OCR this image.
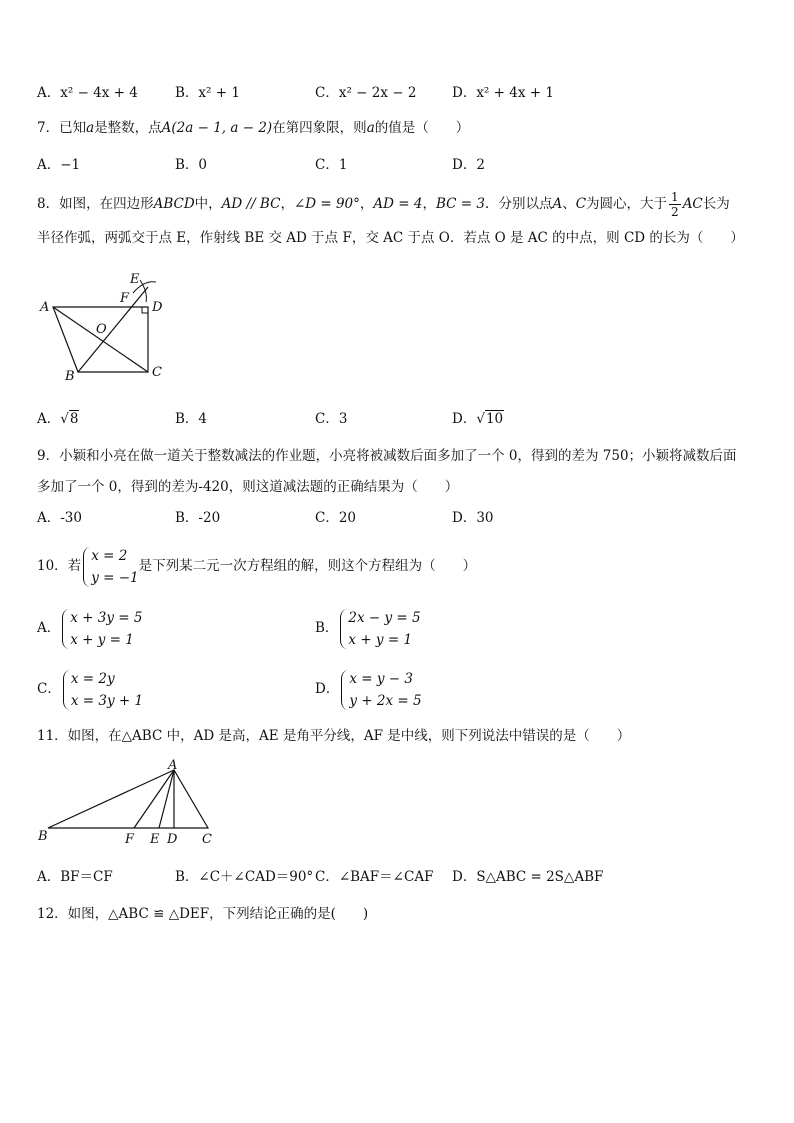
A．x² − 4x + 4	B．x² + 1	C．x² − 2x − 2	D．x² + 4x + 1
7．已知a是整数，点A(2a − 1, a − 2)在第四象限，则a的值是（　　）
A．−1	B．0	C．1	D．2
8．如图，在四边形ABCD中，AD // BC，∠D = 90°，AD = 4，BC = 3．分别以点A、C为圆心，大于 $\frac{1}{2}$ AC长为
半径作弧，两弧交于点 E，作射线 BE 交 AD 于点 F，交 AC 于点 O．若点 O 是 AC 的中点，则 CD 的长为（　　）
E
F
A	D
O
B	C
A．√8	B．4	C．3	D．√10
9．小颖和小亮在做一道关于整数减法的作业题，小亮将被减数后面多加了一个 0，得到的差为 750；小颖将减数后面
多加了一个 0，得到的差为-420，则这道减法题的正确结果为（　　）
A．-30	B．-20	C．20	D．30
10．若
x = 2
y = −1
是下列某二元一次方程组的解，则这个方程组为（　　）
A．
x + 3y = 5
x + y = 1
B．
2x − y = 5
x + y = 1
C．
x = 2y
x = 3y + 1
D．
x = y − 3
y + 2x = 5
11．如图，在△ABC 中，AD 是高，AE 是角平分线，AF 是中线，则下列说法中错误的是（　　）
A
B	F E D C
A．BF＝CF	B．∠C＋∠CAD＝90° C．∠BAF＝∠CAF D．S△ABC = 2S△ABF
12．如图，△ABC ≌ △DEF，下列结论正确的是(　　)
